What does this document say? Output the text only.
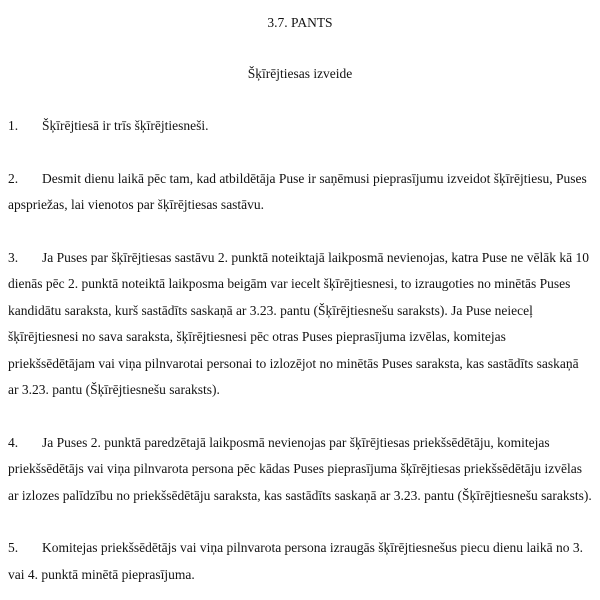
3.7. PANTS
Šķīrējtiesas izveide

1. Šķīrējtiesā ir trīs šķīrējtiesneši.

2. Desmit dienu laikā pēc tam, kad atbildētāja Puse ir saņēmusi pieprasījumu izveidot šķīrējtiesu, Puses apspriežas, lai vienotos par šķīrējtiesas sastāvu.

3. Ja Puses par šķīrējtiesas sastāvu 2. punktā noteiktajā laikposmā nevienojas, katra Puse ne vēlāk kā 10 dienās pēc 2. punktā noteiktā laikposma beigām var iecelt šķīrējtiesnesi, to izraugoties no minētās Puses kandidātu saraksta, kurš sastādīts saskaņā ar 3.23. pantu (Šķīrējtiesnešu saraksts). Ja Puse neieceļ šķīrējtiesnesi no sava saraksta, šķīrējtiesnesi pēc otras Puses pieprasījuma izvēlas, komitejas priekšsēdētājam vai viņa pilnvarotai personai to izlozējot no minētās Puses saraksta, kas sastādīts saskaņā ar 3.23. pantu (Šķīrējtiesnešu saraksts).

4. Ja Puses 2. punktā paredzētajā laikposmā nevienojas par šķīrējtiesas priekšsēdētāju, komitejas priekšsēdētājs vai viņa pilnvarota persona pēc kādas Puses pieprasījuma šķīrējtiesas priekšsēdētāju izvēlas ar izlozes palīdzību no priekšsēdētāju saraksta, kas sastādīts saskaņā ar 3.23. pantu (Šķīrējtiesnešu saraksts).

5. Komitejas priekšsēdētājs vai viņa pilnvarota persona izraugās šķīrējtiesnešus piecu dienu laikā no 3. vai 4. punktā minētā pieprasījuma.
